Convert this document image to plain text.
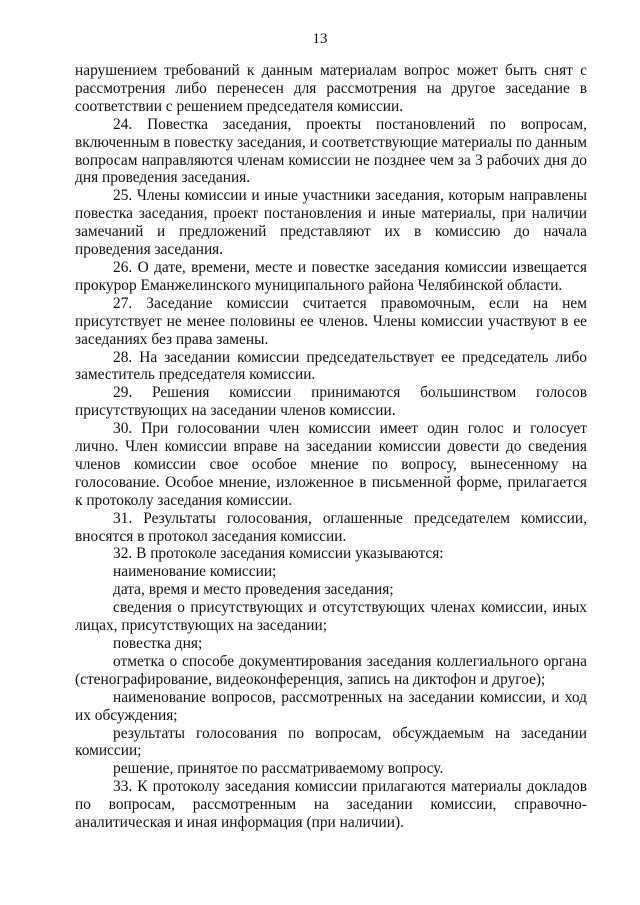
13

нарушением требований к данным материалам вопрос может быть снят с рассмотрения либо перенесен для рассмотрения на другое заседание в соответствии с решением председателя комиссии.

24. Повестка заседания, проекты постановлений по вопросам, включенным в повестку заседания, и соответствующие материалы по данным вопросам направляются членам комиссии не позднее чем за 3 рабочих дня до дня проведения заседания.

25. Члены комиссии и иные участники заседания, которым направлены повестка заседания, проект постановления и иные материалы, при наличии замечаний и предложений представляют их в комиссию до начала проведения заседания.

26. О дате, времени, месте и повестке заседания комиссии извещается прокурор Еманжелинского муниципального района Челябинской области.

27. Заседание комиссии считается правомочным, если на нем присутствует не менее половины ее членов. Члены комиссии участвуют в ее заседаниях без права замены.

28. На заседании комиссии председательствует ее председатель либо заместитель председателя комиссии.

29. Решения комиссии принимаются большинством голосов присутствующих на заседании членов комиссии.

30. При голосовании член комиссии имеет один голос и голосует лично. Член комиссии вправе на заседании комиссии довести до сведения членов комиссии свое особое мнение по вопросу, вынесенному на голосование. Особое мнение, изложенное в письменной форме, прилагается к протоколу заседания комиссии.

31. Результаты голосования, оглашенные председателем комиссии, вносятся в протокол заседания комиссии.

32. В протоколе заседания комиссии указываются:

наименование комиссии;

дата, время и место проведения заседания;

сведения о присутствующих и отсутствующих членах комиссии, иных лицах, присутствующих на заседании;

повестка дня;

отметка о способе документирования заседания коллегиального органа (стенографирование, видеоконференция, запись на диктофон и другое);

наименование вопросов, рассмотренных на заседании комиссии, и ход их обсуждения;

результаты голосования по вопросам, обсуждаемым на заседании комиссии;

решение, принятое по рассматриваемому вопросу.

33. К протоколу заседания комиссии прилагаются материалы докладов по вопросам, рассмотренным на заседании комиссии, справочно-аналитическая и иная информация (при наличии).
